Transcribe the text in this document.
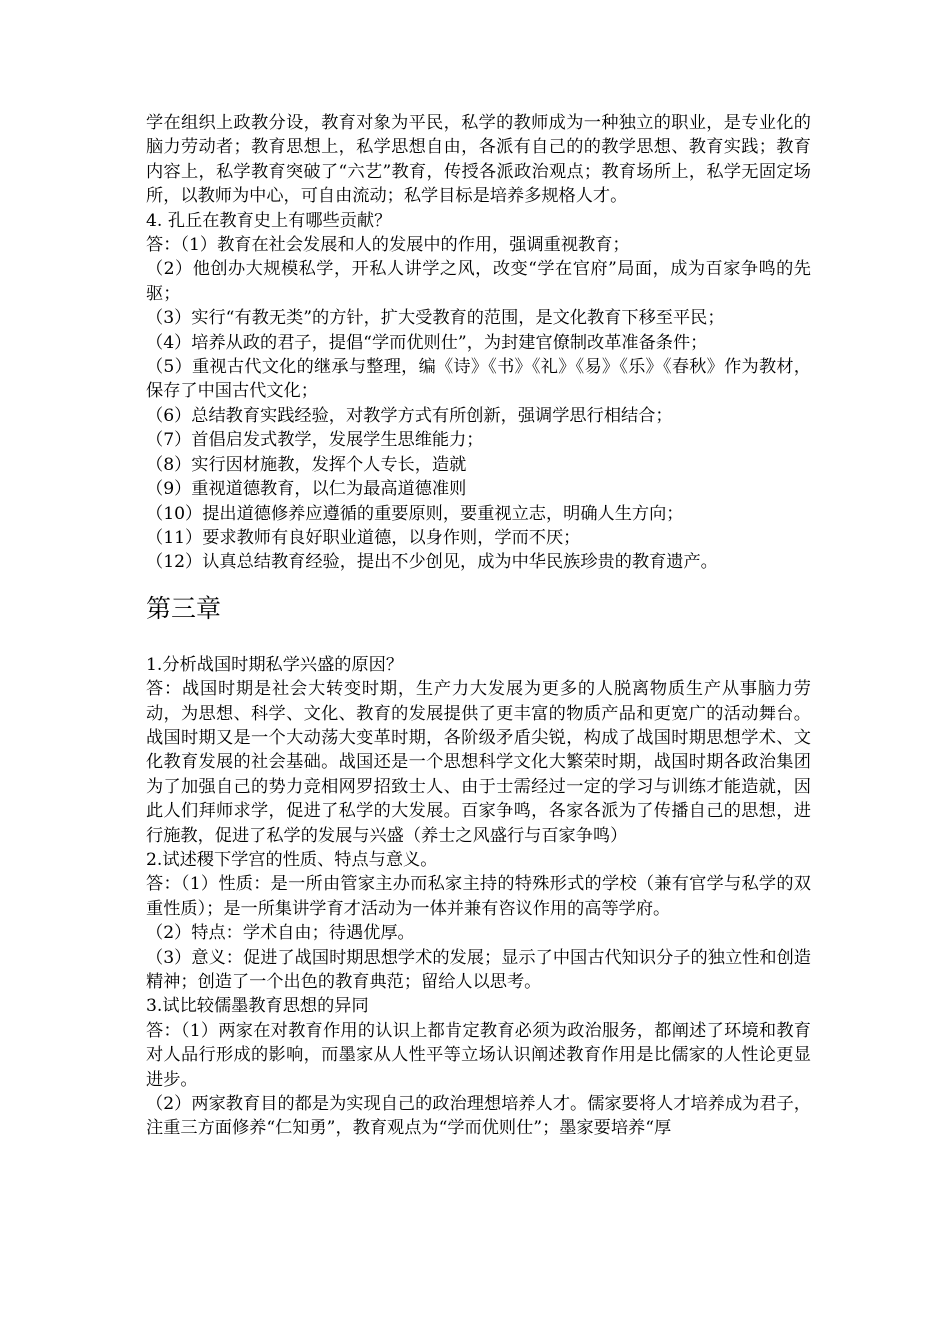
学在组织上政教分设，教育对象为平民，私学的教师成为一种独立的职业，是专业化的脑力劳动者；教育思想上，私学思想自由，各派有自己的的教学思想、教育实践；教育内容上，私学教育突破了“六艺”教育，传授各派政治观点；教育场所上，私学无固定场所，以教师为中心，可自由流动；私学目标是培养多规格人才。

4. 孔丘在教育史上有哪些贡献？

答：（1）教育在社会发展和人的发展中的作用，强调重视教育；

（2）他创办大规模私学，开私人讲学之风，改变“学在官府”局面，成为百家争鸣的先驱；

（3）实行“有教无类”的方针，扩大受教育的范围，是文化教育下移至平民；

（4）培养从政的君子，提倡“学而优则仕”，为封建官僚制改革准备条件；

（5）重视古代文化的继承与整理，编《诗》《书》《礼》《易》《乐》《春秋》作为教材，保存了中国古代文化；

（6）总结教育实践经验，对教学方式有所创新，强调学思行相结合；

（7）首倡启发式教学，发展学生思维能力；

（8）实行因材施教，发挥个人专长，造就

（9）重视道德教育，以仁为最高道德准则

（10）提出道德修养应遵循的重要原则，要重视立志，明确人生方向；

（11）要求教师有良好职业道德，以身作则，学而不厌；

（12）认真总结教育经验，提出不少创见，成为中华民族珍贵的教育遗产。

第三章

1.分析战国时期私学兴盛的原因？

答：战国时期是社会大转变时期，生产力大发展为更多的人脱离物质生产从事脑力劳动，为思想、科学、文化、教育的发展提供了更丰富的物质产品和更宽广的活动舞台。战国时期又是一个大动荡大变革时期，各阶级矛盾尖锐，构成了战国时期思想学术、文化教育发展的社会基础。战国还是一个思想科学文化大繁荣时期，战国时期各政治集团为了加强自己的势力竞相网罗招致士人、由于士需经过一定的学习与训练才能造就，因此人们拜师求学，促进了私学的大发展。百家争鸣，各家各派为了传播自己的思想，进行施教，促进了私学的发展与兴盛（养士之风盛行与百家争鸣）

2.试述稷下学宫的性质、特点与意义。

答：（1）性质：是一所由管家主办而私家主持的特殊形式的学校（兼有官学与私学的双重性质）；是一所集讲学育才活动为一体并兼有咨议作用的高等学府。

（2）特点：学术自由；待遇优厚。

（3）意义：促进了战国时期思想学术的发展；显示了中国古代知识分子的独立性和创造精神；创造了一个出色的教育典范；留给人以思考。

3.试比较儒墨教育思想的异同

答：（1）两家在对教育作用的认识上都肯定教育必须为政治服务，都阐述了环境和教育对人品行形成的影响，而墨家从人性平等立场认识阐述教育作用是比儒家的人性论更显进步。

（2）两家教育目的都是为实现自己的政治理想培养人才。儒家要将人才培养成为君子，注重三方面修养“仁知勇”，教育观点为“学而优则仕”；墨家要培养“厚
